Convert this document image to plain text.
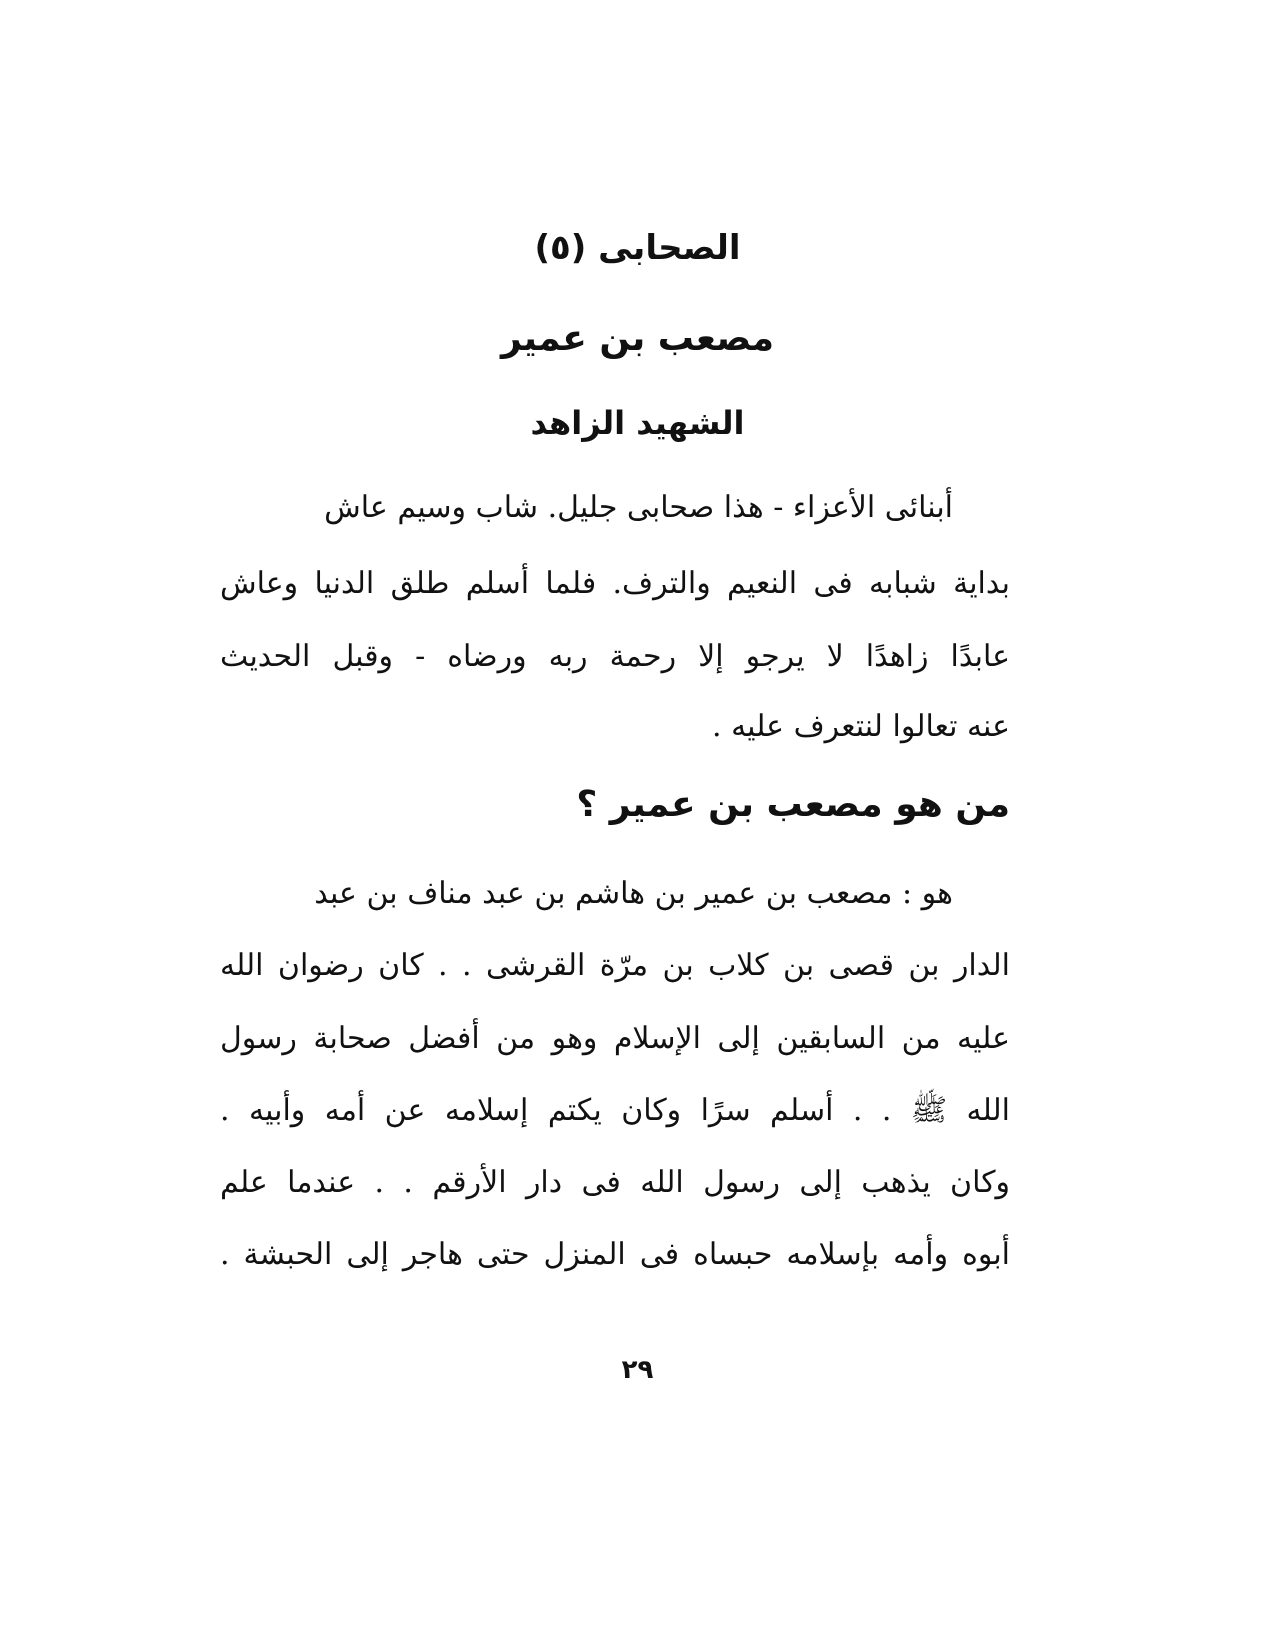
الصحابى (٥)
مصعب بن عمير
الشهيد الزاهد
أبنائى الأعزاء - هذا صحابى جليل. شاب وسيم عاش
بداية شبابه فى النعيم والترف. فلما أسلم طلق الدنيا وعاش
عابدًا زاهدًا لا يرجو إلا رحمة ربه ورضاه - وقبل الحديث
عنه تعالوا لنتعرف عليه .
من هو مصعب بن عمير ؟
هو : مصعب بن عمير بن هاشم بن عبد مناف بن عبد
الدار بن قصى بن كلاب بن مرّة القرشى . . كان رضوان الله
عليه من السابقين إلى الإسلام وهو من أفضل صحابة رسول
الله ﷺ . . أسلم سرًا وكان يكتم إسلامه عن أمه وأبيه .
وكان يذهب إلى رسول الله فى دار الأرقم . . عندما علم
أبوه وأمه بإسلامه حبساه فى المنزل حتى هاجر إلى الحبشة .
٢٩
